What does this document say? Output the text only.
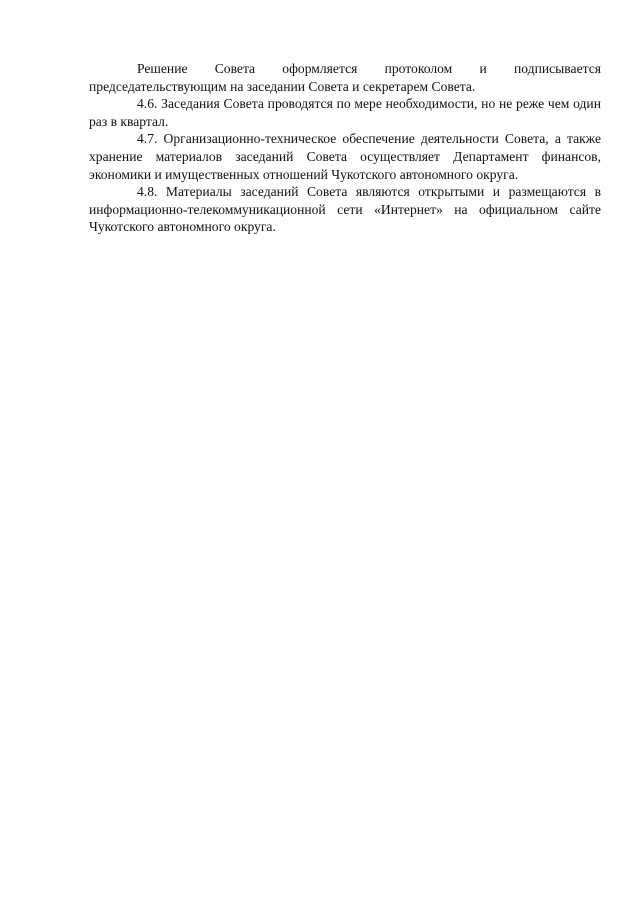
Решение Совета оформляется протоколом и подписывается председательствующим на заседании Совета и секретарем Совета.

4.6. Заседания Совета проводятся по мере необходимости, но не реже чем один раз в квартал.

4.7. Организационно-техническое обеспечение деятельности Совета, а также хранение материалов заседаний Совета осуществляет Департамент финансов, экономики и имущественных отношений Чукотского автономного округа.

4.8. Материалы заседаний Совета являются открытыми и размещаются в информационно-телекоммуникационной сети «Интернет» на официальном сайте Чукотского автономного округа.
